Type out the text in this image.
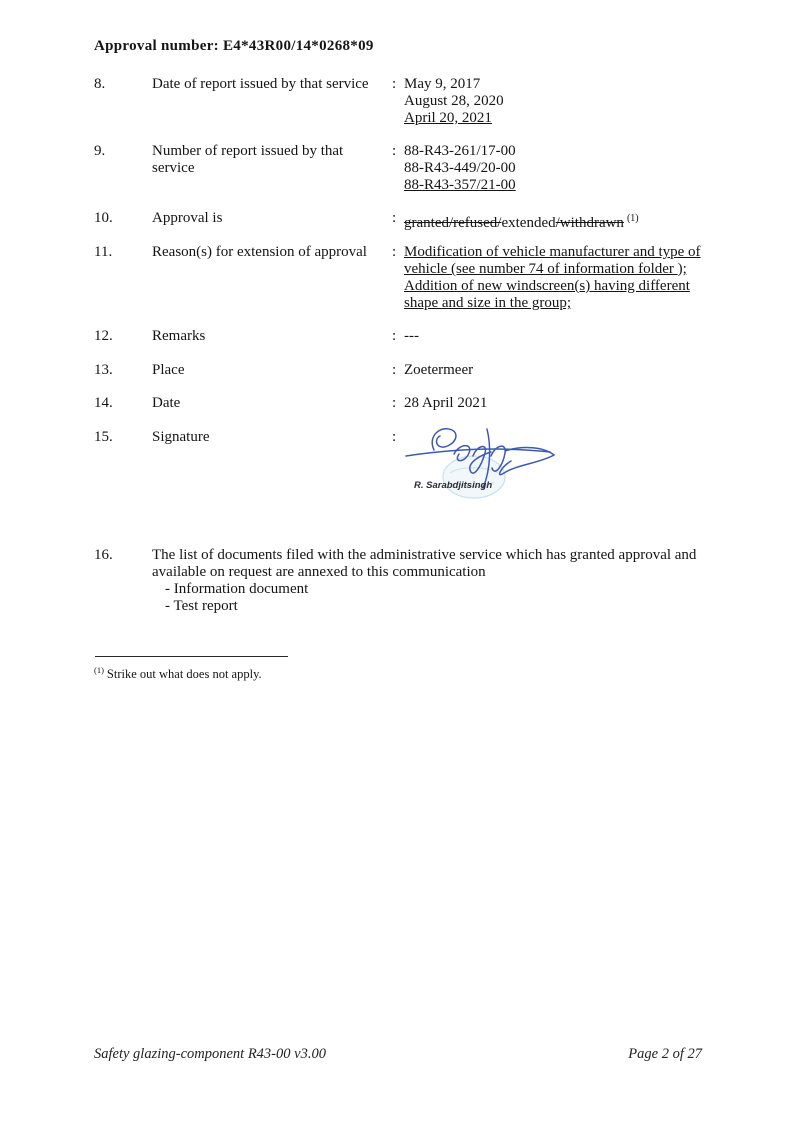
Approval number: E4*43R00/14*0268*09
8.	Date of report issued by that service	: May 9, 2017
August 28, 2020
April 20, 2021
9.	Number of report issued by that
service
: 88-R43-261/17-00
88-R43-449/20-00
88-R43-357/21-00
10.	Approval is	: granted/refused/extended/withdrawn $^{(1)}$
11.	Reason(s) for extension of approval	: Modification of vehicle manufacturer and type of
vehicle (see number 74 of information folder );
Addition of new windscreen(s) having different
shape and size in the group;
12.	Remarks	: ---
13.	Place	: Zoetermeer
14.	Date	: 28 April 2021
15.	Signature	:
R. Sarabdjitsingh
16.	The list of documents filed with the administrative service which has granted approval and
available on request are annexed to this communication
- Information document
- Test report
$^{(1)}$ Strike out what does not apply.
Safety glazing-component R43-00 v3.00	Page 2 of 27
